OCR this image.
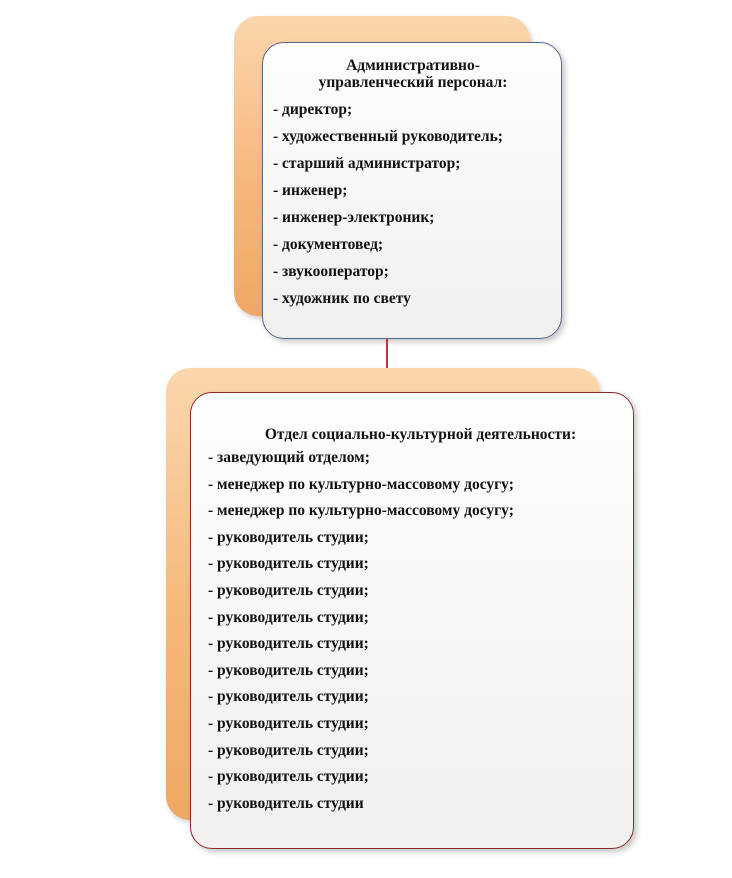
Административно-
управленческий персонал:
- директор;
- художественный руководитель;
- старший администратор;
- инженер;
- инженер-электроник;
- документовед;
- звукооператор;
- художник по свету
Отдел социально-культурной деятельности:
- заведующий отделом;
- менеджер по культурно-массовому досугу;
- менеджер по культурно-массовому досугу;
- руководитель студии;
- руководитель студии;
- руководитель студии;
- руководитель студии;
- руководитель студии;
- руководитель студии;
- руководитель студии;
- руководитель студии;
- руководитель студии;
- руководитель студии;
- руководитель студии
